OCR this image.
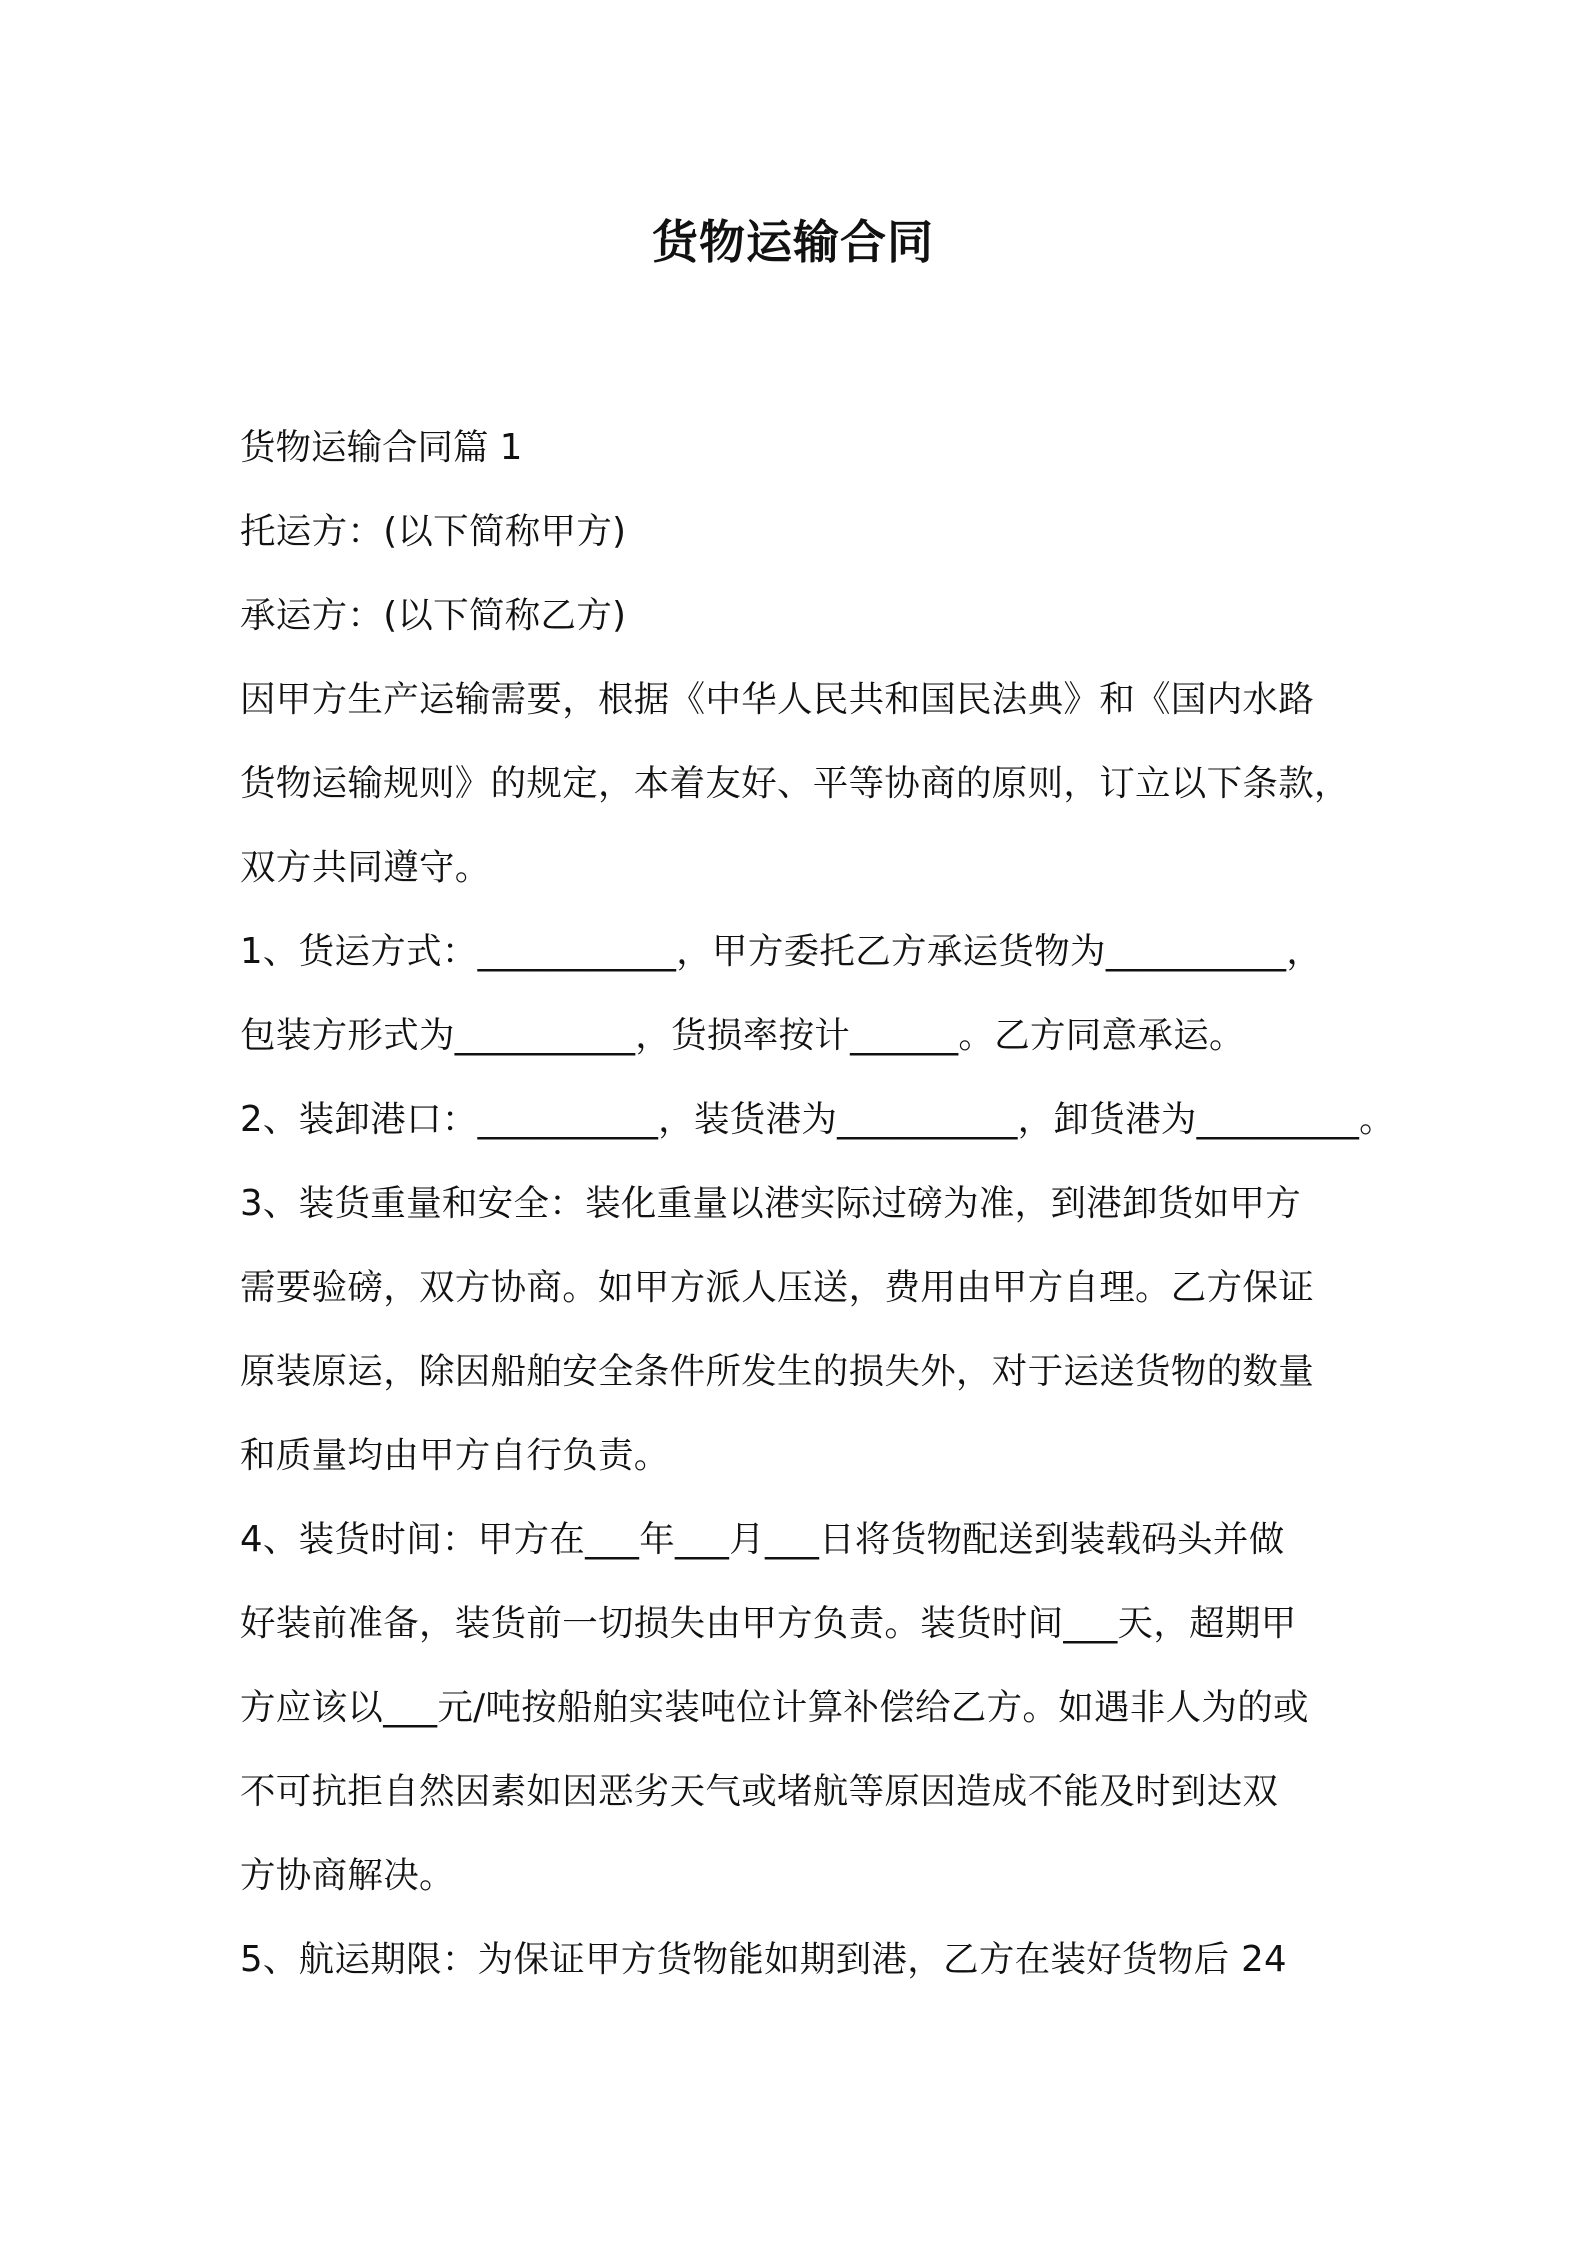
货物运输合同
货物运输合同篇 1
托运方：(以下简称甲方)
承运方：(以下简称乙方)
因甲方生产运输需要，根据《中华人民共和国民法典》和《国内水路
货物运输规则》的规定，本着友好、平等协商的原则，订立以下条款，
双方共同遵守。
1、货运方式：___________，甲方委托乙方承运货物为__________，
包装方形式为__________，货损率按计______。乙方同意承运。
2、装卸港口：__________，装货港为__________，卸货港为_________。
3、装货重量和安全：装化重量以港实际过磅为准，到港卸货如甲方
需要验磅，双方协商。如甲方派人压送，费用由甲方自理。乙方保证
原装原运，除因船舶安全条件所发生的损失外，对于运送货物的数量
和质量均由甲方自行负责。
4、装货时间：甲方在___年___月___日将货物配送到装载码头并做
好装前准备，装货前一切损失由甲方负责。装货时间___天，超期甲
方应该以___元/吨按船舶实装吨位计算补偿给乙方。如遇非人为的或
不可抗拒自然因素如因恶劣天气或堵航等原因造成不能及时到达双
方协商解决。
5、航运期限：为保证甲方货物能如期到港，乙方在装好货物后 24
